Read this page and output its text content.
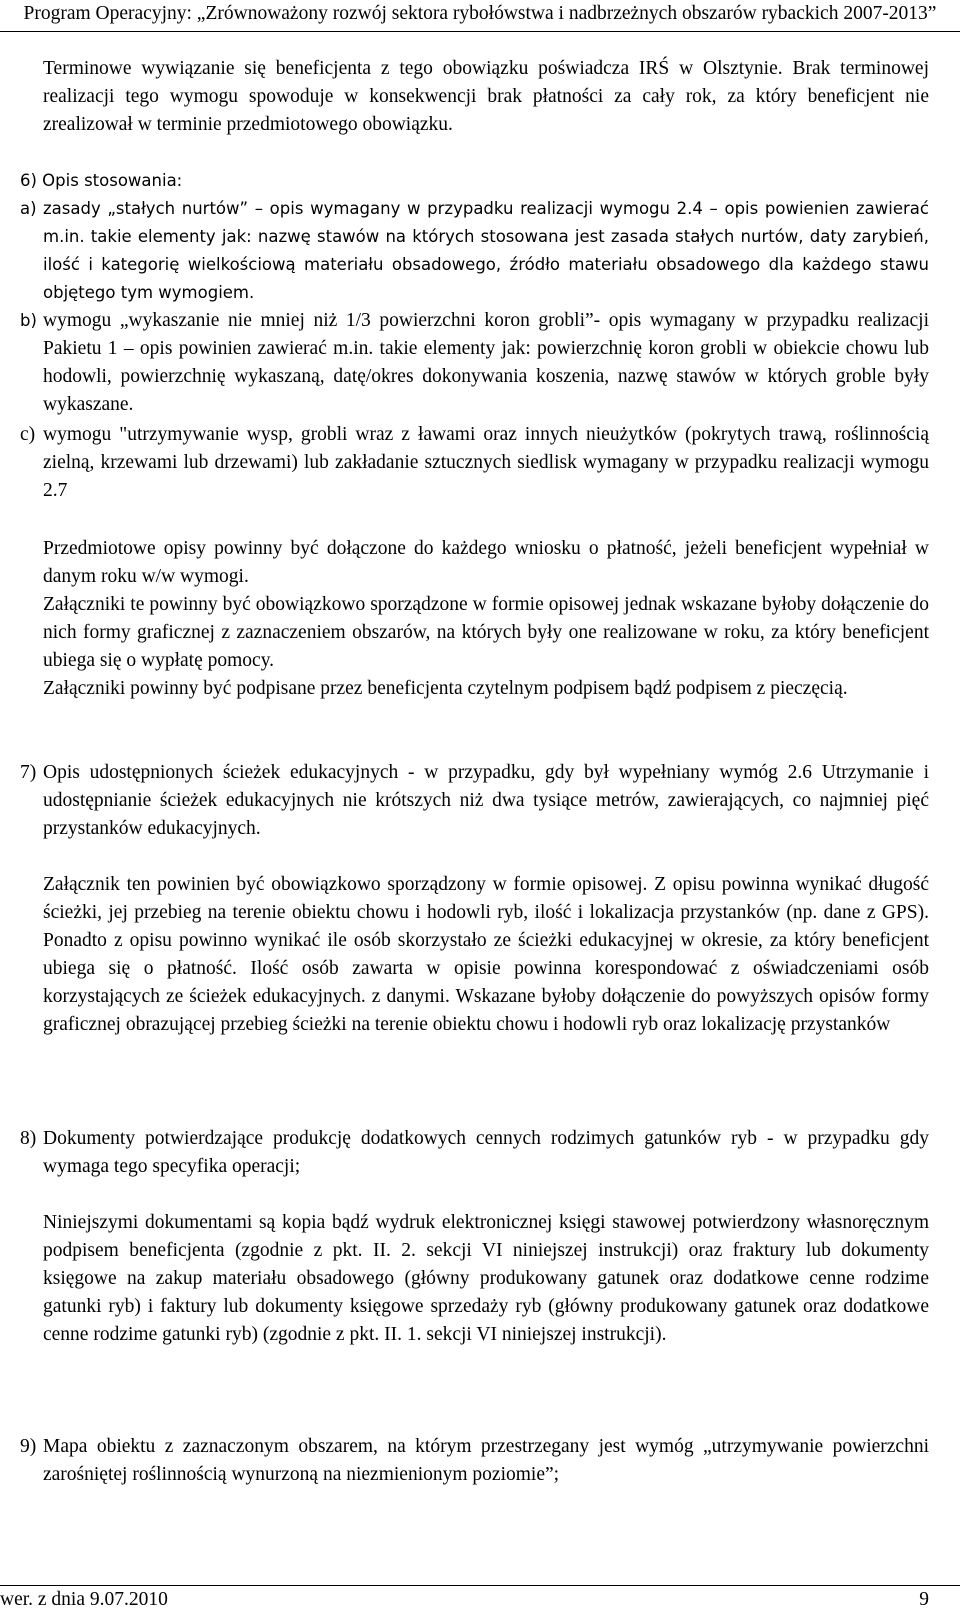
Program Operacyjny: „Zrównoważony rozwój sektora rybołówstwa i nadbrzeżnych obszarów rybackich 2007-2013”

Terminowe wywiązanie się beneficjenta z tego obowiązku poświadcza IRŚ w Olsztynie. Brak terminowej realizacji tego wymogu spowoduje w konsekwencji brak płatności za cały rok, za który beneficjent nie zrealizował w terminie przedmiotowego obowiązku.

6) Opis stosowania:
a) zasady „stałych nurtów” – opis wymagany w przypadku realizacji wymogu 2.4 – opis powienien zawierać m.in. takie elementy jak: nazwę stawów na których stosowana jest zasada stałych nurtów, daty zarybień, ilość i kategorię wielkościową materiału obsadowego, źródło materiału obsadowego dla każdego stawu objętego tym wymogiem.

b) wymogu „wykaszanie nie mniej niż 1/3 powierzchni koron grobli”- opis wymagany w przypadku realizacji Pakietu 1 – opis powinien zawierać m.in. takie elementy jak: powierzchnię koron grobli w obiekcie chowu lub hodowli, powierzchnię wykaszaną, datę/okres dokonywania koszenia, nazwę stawów w których groble były wykaszane.

c) wymogu "utrzymywanie wysp, grobli wraz z ławami oraz innych nieużytków (pokrytych trawą, roślinnością zielną, krzewami lub drzewami) lub zakładanie sztucznych siedlisk wymagany w przypadku realizacji wymogu 2.7

Przedmiotowe opisy powinny być dołączone do każdego wniosku o płatność, jeżeli beneficjent wypełniał w danym roku w/w wymogi.

Załączniki te powinny być obowiązkowo sporządzone w formie opisowej jednak wskazane byłoby dołączenie do nich formy graficznej z zaznaczeniem obszarów, na których były one realizowane w roku, za który beneficjent ubiega się o wypłatę pomocy.

Załączniki powinny być podpisane przez beneficjenta czytelnym podpisem bądź podpisem z pieczęcią.

7) Opis udostępnionych ścieżek edukacyjnych - w przypadku, gdy był wypełniany wymóg 2.6 Utrzymanie i udostępnianie ścieżek edukacyjnych nie krótszych niż dwa tysiące metrów, zawierających, co najmniej pięć przystanków edukacyjnych.

Załącznik ten powinien być obowiązkowo sporządzony w formie opisowej. Z opisu powinna wynikać długość ścieżki, jej przebieg na terenie obiektu chowu i hodowli ryb, ilość i lokalizacja przystanków (np. dane z GPS). Ponadto z opisu powinno wynikać ile osób skorzystało ze ścieżki edukacyjnej w okresie, za który beneficjent ubiega się o płatność. Ilość osób zawarta w opisie powinna korespondować z oświadczeniami osób korzystających ze ścieżek edukacyjnych. z danymi. Wskazane byłoby dołączenie do powyższych opisów formy graficznej obrazującej przebieg ścieżki na terenie obiektu chowu i hodowli ryb oraz lokalizację przystanków

8) Dokumenty potwierdzające produkcję dodatkowych cennych rodzimych gatunków ryb - w przypadku gdy wymaga tego specyfika operacji;

Niniejszymi dokumentami są kopia bądź wydruk elektronicznej księgi stawowej potwierdzony własnoręcznym podpisem beneficjenta (zgodnie z pkt. II. 2. sekcji VI niniejszej instrukcji) oraz fraktury lub dokumenty księgowe na zakup materiału obsadowego (główny produkowany gatunek oraz dodatkowe cenne rodzime gatunki ryb) i faktury lub dokumenty księgowe sprzedaży ryb (główny produkowany gatunek oraz dodatkowe cenne rodzime gatunki ryb) (zgodnie z pkt. II. 1. sekcji VI niniejszej instrukcji).

9) Mapa obiektu z zaznaczonym obszarem, na którym przestrzegany jest wymóg „utrzymywanie powierzchni zarośniętej roślinnością wynurzoną na niezmienionym poziomie”;

wer. z dnia 9.07.2010	9
